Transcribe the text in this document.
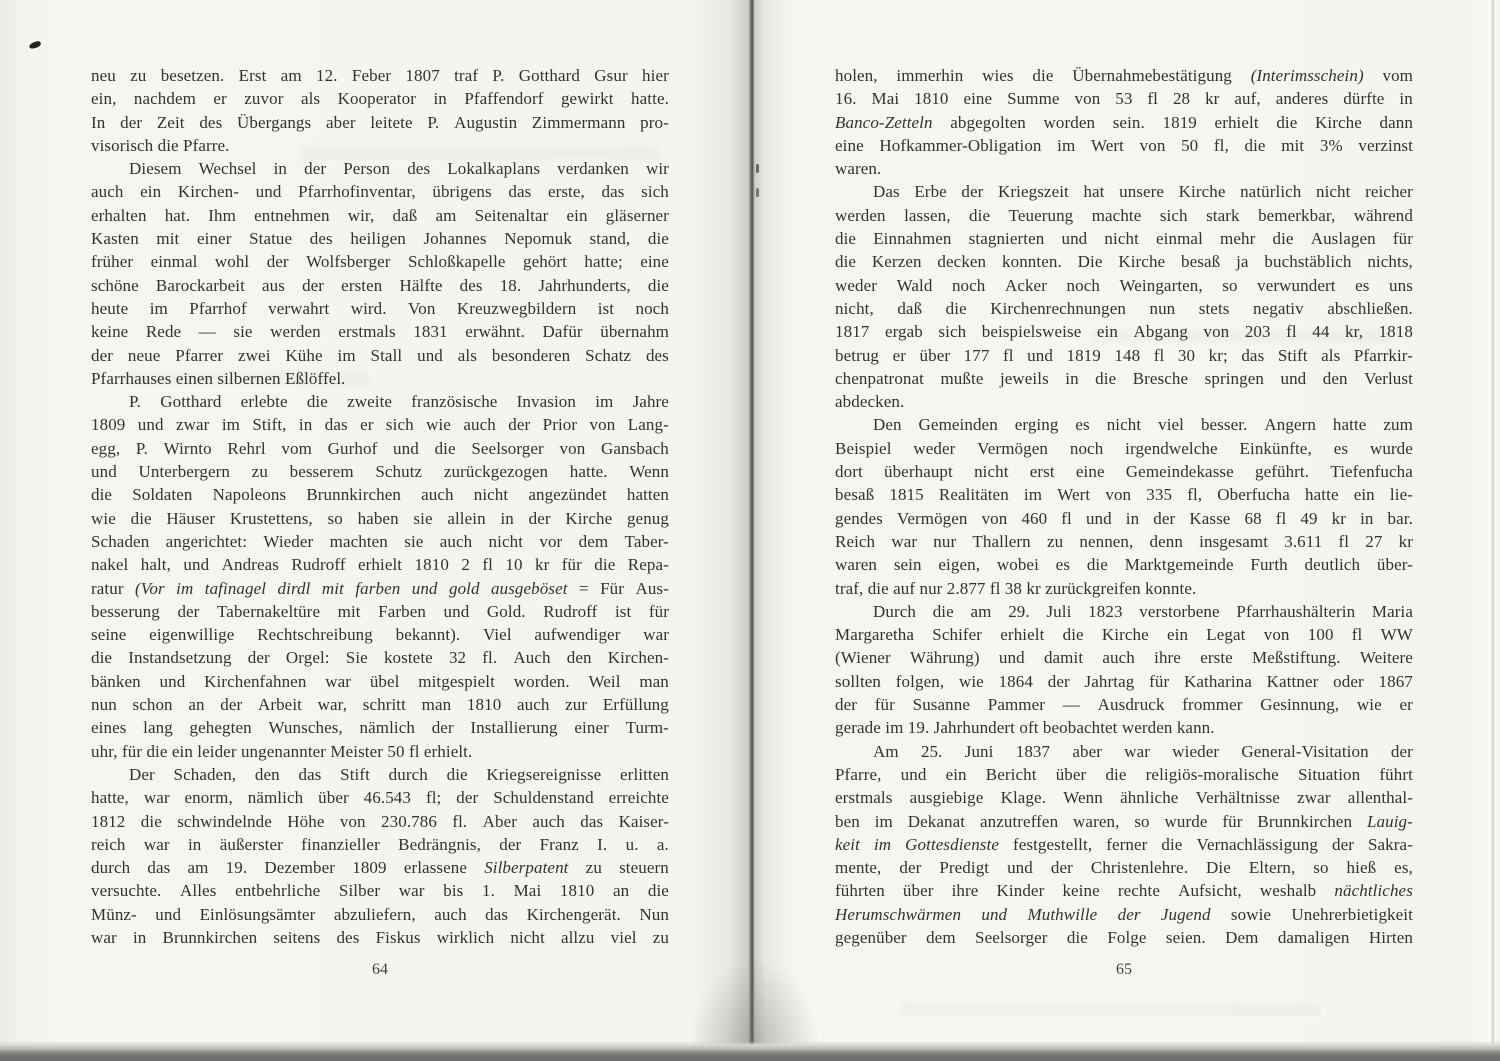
neu zu besetzen. Erst am 12. Feber 1807 traf P. Gotthard Gsur hier
ein, nachdem er zuvor als Kooperator in Pfaffendorf gewirkt hatte.
In der Zeit des Übergangs aber leitete P. Augustin Zimmermann pro-
visorisch die Pfarre.
Diesem Wechsel in der Person des Lokalkaplans verdanken wir
auch ein Kirchen- und Pfarrhofinventar, übrigens das erste, das sich
erhalten hat. Ihm entnehmen wir, daß am Seitenaltar ein gläserner
Kasten mit einer Statue des heiligen Johannes Nepomuk stand, die
früher einmal wohl der Wolfsberger Schloßkapelle gehört hatte; eine
schöne Barockarbeit aus der ersten Hälfte des 18. Jahrhunderts, die
heute im Pfarrhof verwahrt wird. Von Kreuzwegbildern ist noch
keine Rede — sie werden erstmals 1831 erwähnt. Dafür übernahm
der neue Pfarrer zwei Kühe im Stall und als besonderen Schatz des
Pfarrhauses einen silbernen Eßlöffel.
P. Gotthard erlebte die zweite französische Invasion im Jahre
1809 und zwar im Stift, in das er sich wie auch der Prior von Lang-
egg, P. Wirnto Rehrl vom Gurhof und die Seelsorger von Gansbach
und Unterbergern zu besserem Schutz zurückgezogen hatte. Wenn
die Soldaten Napoleons Brunnkirchen auch nicht angezündet hatten
wie die Häuser Krustettens, so haben sie allein in der Kirche genug
Schaden angerichtet: Wieder machten sie auch nicht vor dem Taber-
nakel halt, und Andreas Rudroff erhielt 1810 2 fl 10 kr für die Repa-
ratur (Vor im tafinagel dirdl mit farben und gold ausgeböset = Für Aus-
besserung der Tabernakeltüre mit Farben und Gold. Rudroff ist für
seine eigenwillige Rechtschreibung bekannt). Viel aufwendiger war
die Instandsetzung der Orgel: Sie kostete 32 fl. Auch den Kirchen-
bänken und Kirchenfahnen war übel mitgespielt worden. Weil man
nun schon an der Arbeit war, schritt man 1810 auch zur Erfüllung
eines lang gehegten Wunsches, nämlich der Installierung einer Turm-
uhr, für die ein leider ungenannter Meister 50 fl erhielt.
Der Schaden, den das Stift durch die Kriegsereignisse erlitten
hatte, war enorm, nämlich über 46.543 fl; der Schuldenstand erreichte
1812 die schwindelnde Höhe von 230.786 fl. Aber auch das Kaiser-
reich war in äußerster finanzieller Bedrängnis, der Franz I. u. a.
durch das am 19. Dezember 1809 erlassene Silberpatent zu steuern
versuchte. Alles entbehrliche Silber war bis 1. Mai 1810 an die
Münz- und Einlösungsämter abzuliefern, auch das Kirchengerät. Nun
war in Brunnkirchen seitens des Fiskus wirklich nicht allzu viel zu
holen, immerhin wies die Übernahmebestätigung (Interimsschein) vom
16. Mai 1810 eine Summe von 53 fl 28 kr auf, anderes dürfte in
Banco-Zetteln abgegolten worden sein. 1819 erhielt die Kirche dann
eine Hofkammer-Obligation im Wert von 50 fl, die mit 3% verzinst
waren.
Das Erbe der Kriegszeit hat unsere Kirche natürlich nicht reicher
werden lassen, die Teuerung machte sich stark bemerkbar, während
die Einnahmen stagnierten und nicht einmal mehr die Auslagen für
die Kerzen decken konnten. Die Kirche besaß ja buchstäblich nichts,
weder Wald noch Acker noch Weingarten, so verwundert es uns
nicht, daß die Kirchenrechnungen nun stets negativ abschließen.
1817 ergab sich beispielsweise ein Abgang von 203 fl 44 kr, 1818
betrug er über 177 fl und 1819 148 fl 30 kr; das Stift als Pfarrkir-
chenpatronat mußte jeweils in die Bresche springen und den Verlust
abdecken.
Den Gemeinden erging es nicht viel besser. Angern hatte zum
Beispiel weder Vermögen noch irgendwelche Einkünfte, es wurde
dort überhaupt nicht erst eine Gemeindekasse geführt. Tiefenfucha
besaß 1815 Realitäten im Wert von 335 fl, Oberfucha hatte ein lie-
gendes Vermögen von 460 fl und in der Kasse 68 fl 49 kr in bar.
Reich war nur Thallern zu nennen, denn insgesamt 3.611 fl 27 kr
waren sein eigen, wobei es die Marktgemeinde Furth deutlich über-
traf, die auf nur 2.877 fl 38 kr zurückgreifen konnte.
Durch die am 29. Juli 1823 verstorbene Pfarrhaushälterin Maria
Margaretha Schifer erhielt die Kirche ein Legat von 100 fl WW
(Wiener Währung) und damit auch ihre erste Meßstiftung. Weitere
sollten folgen, wie 1864 der Jahrtag für Katharina Kattner oder 1867
der für Susanne Pammer — Ausdruck frommer Gesinnung, wie er
gerade im 19. Jahrhundert oft beobachtet werden kann.
Am 25. Juni 1837 aber war wieder General-Visitation der
Pfarre, und ein Bericht über die religiös-moralische Situation führt
erstmals ausgiebige Klage. Wenn ähnliche Verhältnisse zwar allenthal-
ben im Dekanat anzutreffen waren, so wurde für Brunnkirchen Lauig-
keit im Gottesdienste festgestellt, ferner die Vernachlässigung der Sakra-
mente, der Predigt und der Christenlehre. Die Eltern, so hieß es,
führten über ihre Kinder keine rechte Aufsicht, weshalb nächtliches
Herumschwärmen und Muthwille der Jugend sowie Unehrerbietigkeit
gegenüber dem Seelsorger die Folge seien. Dem damaligen Hirten
64	65
